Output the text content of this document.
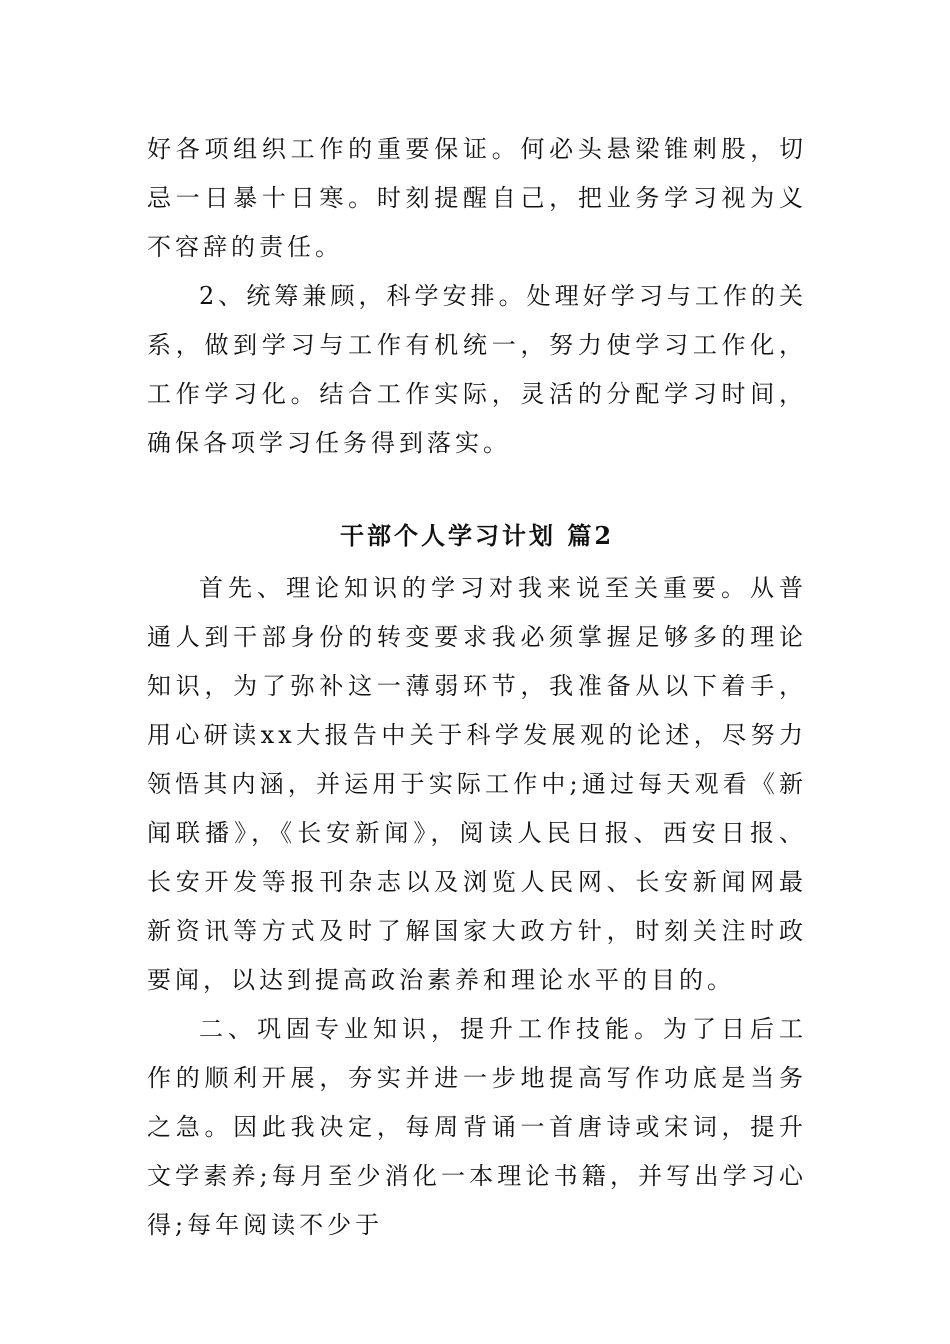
好各项组织工作的重要保证。何必头悬梁锥刺股，切忌一日暴十日寒。时刻提醒自己，把业务学习视为义不容辞的责任。

2、统筹兼顾，科学安排。处理好学习与工作的关系，做到学习与工作有机统一，努力使学习工作化，工作学习化。结合工作实际，灵活的分配学习时间，确保各项学习任务得到落实。

干部个人学习计划 篇2

首先、理论知识的学习对我来说至关重要。从普通人到干部身份的转变要求我必须掌握足够多的理论知识，为了弥补这一薄弱环节，我准备从以下着手，用心研读xx大报告中关于科学发展观的论述，尽努力领悟其内涵，并运用于实际工作中;通过每天观看《新闻联播》，《长安新闻》，阅读人民日报、西安日报、长安开发等报刊杂志以及浏览人民网、长安新闻网最新资讯等方式及时了解国家大政方针，时刻关注时政要闻，以达到提高政治素养和理论水平的目的。

二、巩固专业知识，提升工作技能。为了日后工作的顺利开展，夯实并进一步地提高写作功底是当务之急。因此我决定，每周背诵一首唐诗或宋词，提升文学素养;每月至少消化一本理论书籍，并写出学习心得;每年阅读不少于
